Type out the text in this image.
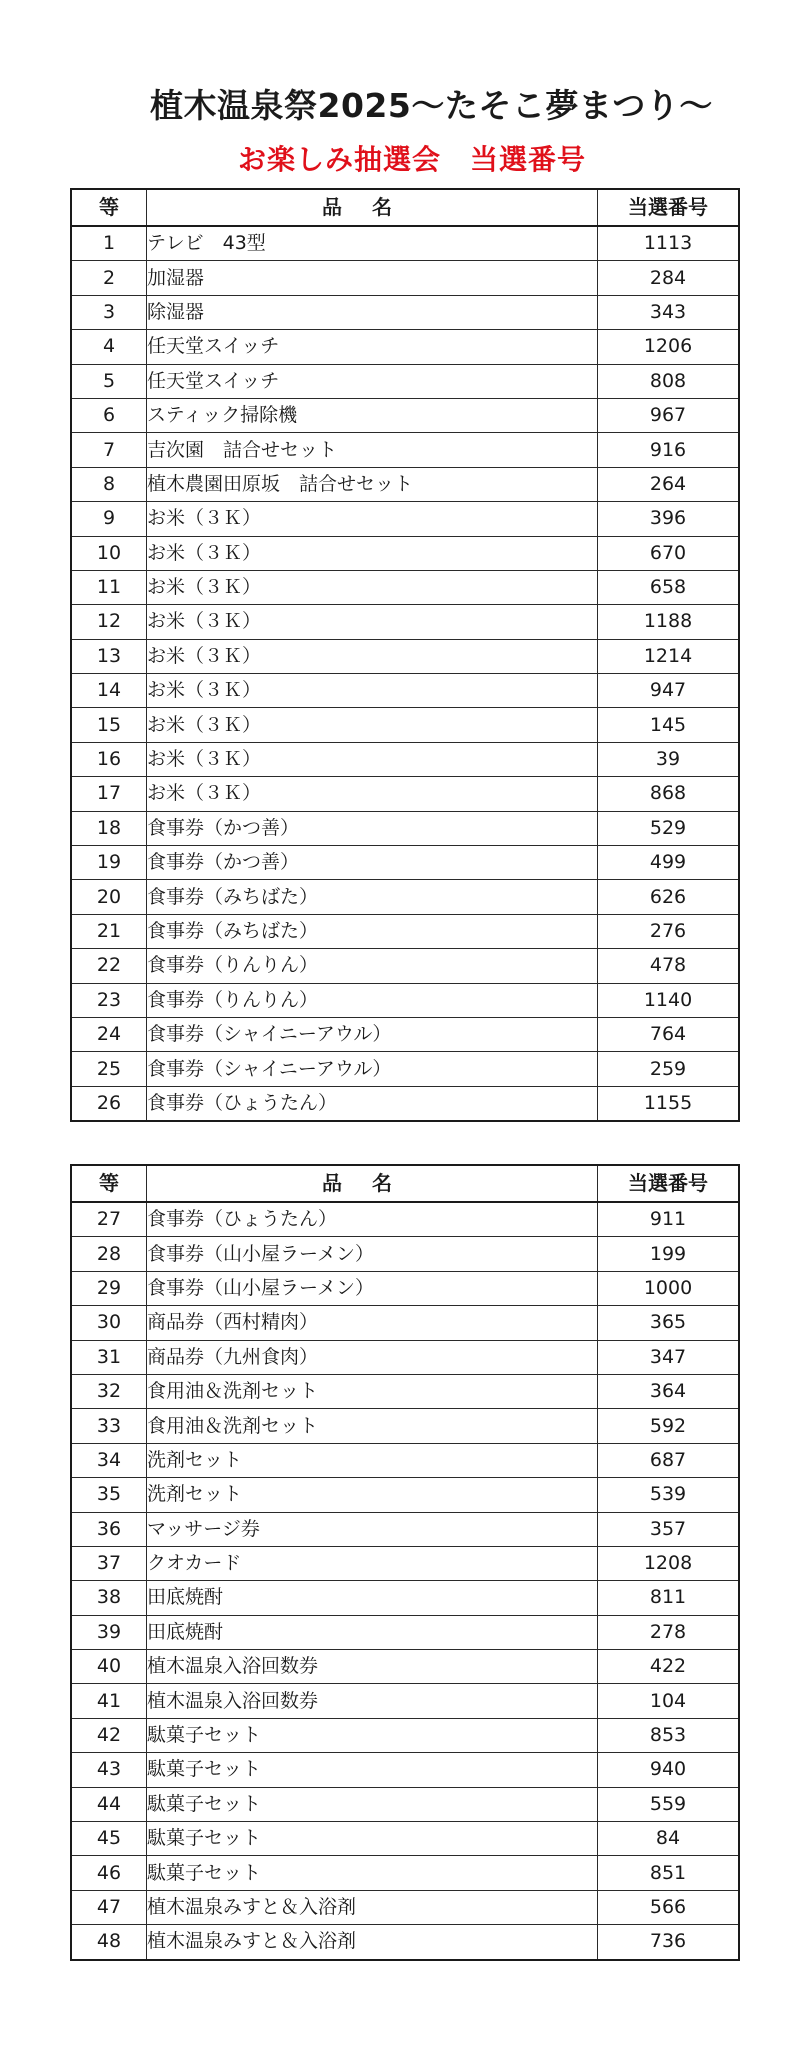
植木温泉祭2025～たそこ夢まつり～
お楽しみ抽選会　当選番号
等	品名	当選番号
1	テレビ　43型	1113
2	加湿器	284
3	除湿器	343
4	任天堂スイッチ	1206
5	任天堂スイッチ	808
6	スティック掃除機	967
7	吉次園　詰合せセット	916
8	植木農園田原坂　詰合せセット	264
9	お米（３Ｋ）	396
10	お米（３Ｋ）	670
11	お米（３Ｋ）	658
12	お米（３Ｋ）	1188
13	お米（３Ｋ）	1214
14	お米（３Ｋ）	947
15	お米（３Ｋ）	145
16	お米（３Ｋ）	39
17	お米（３Ｋ）	868
18	食事券（かつ善）	529
19	食事券（かつ善）	499
20	食事券（みちばた）	626
21	食事券（みちばた）	276
22	食事券（りんりん）	478
23	食事券（りんりん）	1140
24	食事券（シャイニーアウル）	764
25	食事券（シャイニーアウル）	259
26	食事券（ひょうたん）	1155
等	品名	当選番号
27	食事券（ひょうたん）	911
28	食事券（山小屋ラーメン）	199
29	食事券（山小屋ラーメン）	1000
30	商品券（西村精肉）	365
31	商品券（九州食肉）	347
32	食用油＆洗剤セット	364
33	食用油＆洗剤セット	592
34	洗剤セット	687
35	洗剤セット	539
36	マッサージ券	357
37	クオカード	1208
38	田底焼酎	811
39	田底焼酎	278
40	植木温泉入浴回数券	422
41	植木温泉入浴回数券	104
42	駄菓子セット	853
43	駄菓子セット	940
44	駄菓子セット	559
45	駄菓子セット	84
46	駄菓子セット	851
47	植木温泉みすと＆入浴剤	566
48	植木温泉みすと＆入浴剤	736
